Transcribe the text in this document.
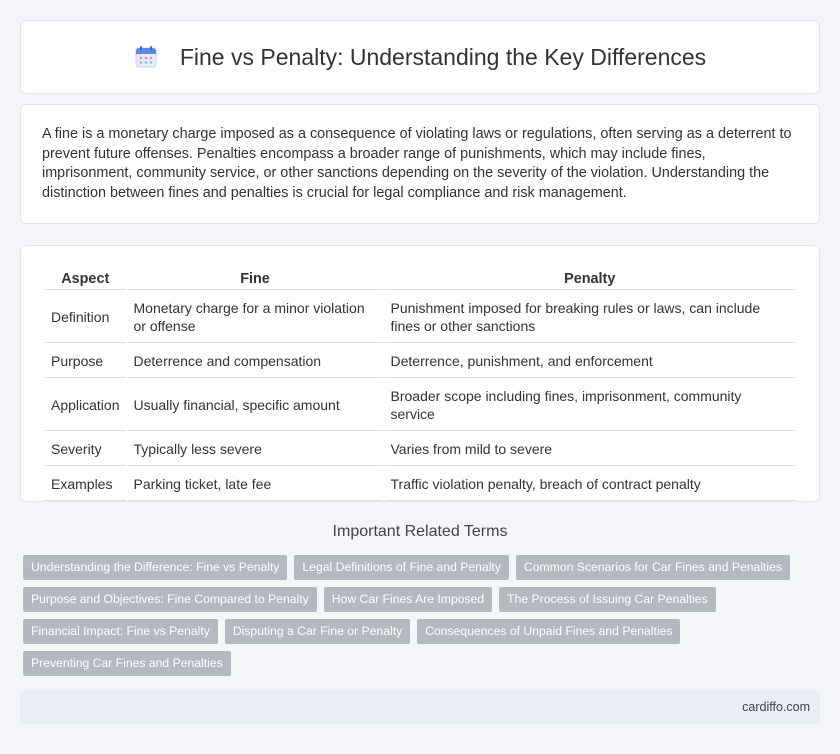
Fine vs Penalty: Understanding the Key Differences

A fine is a monetary charge imposed as a consequence of violating laws or regulations, often serving as a deterrent to prevent future offenses. Penalties encompass a broader range of punishments, which may include fines, imprisonment, community service, or other sanctions depending on the severity of the violation. Understanding the distinction between fines and penalties is crucial for legal compliance and risk management.

Aspect	Fine	Penalty
Definition	Monetary charge for a minor violation or offense	Punishment imposed for breaking rules or laws, can include fines or other sanctions
Purpose	Deterrence and compensation	Deterrence, punishment, and enforcement
Application	Usually financial, specific amount	Broader scope including fines, imprisonment, community service
Severity	Typically less severe	Varies from mild to severe
Examples	Parking ticket, late fee	Traffic violation penalty, breach of contract penalty
Important Related Terms
Understanding the Difference: Fine vs Penalty	Legal Definitions of Fine and Penalty	Common Scenarios for Car Fines and Penalties
Purpose and Objectives: Fine Compared to Penalty	How Car Fines Are Imposed	The Process of Issuing Car Penalties
Financial Impact: Fine vs Penalty	Disputing a Car Fine or Penalty	Consequences of Unpaid Fines and Penalties
Preventing Car Fines and Penalties
cardiffo.com
